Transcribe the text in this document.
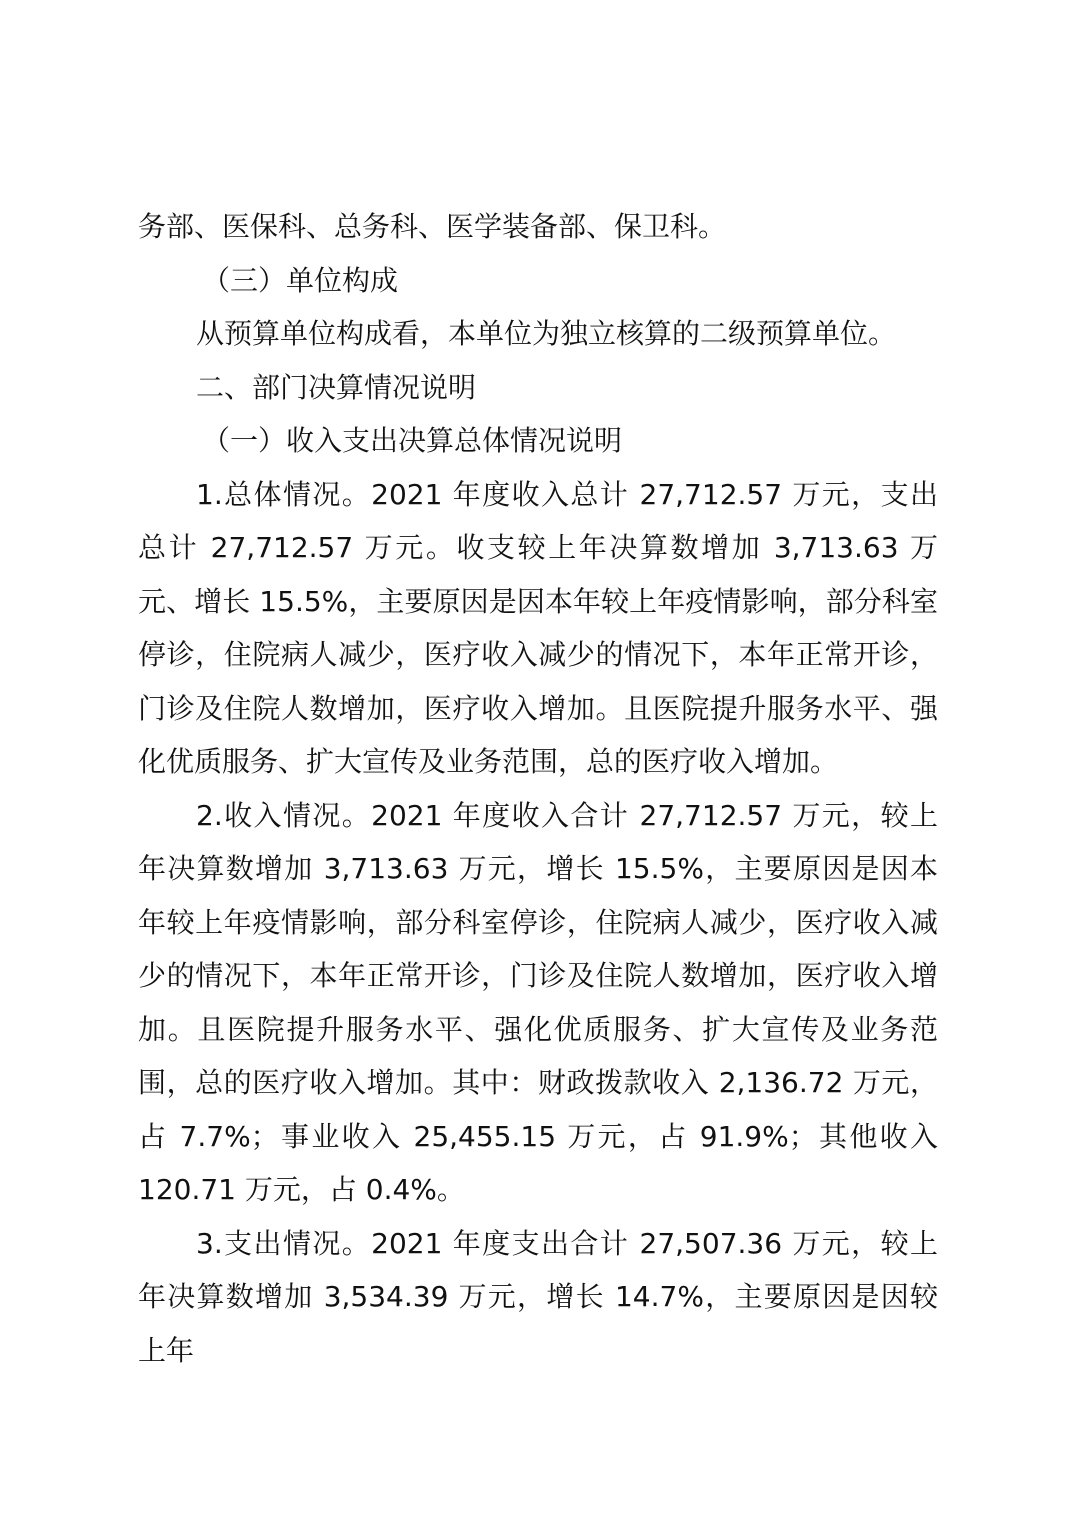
务部、医保科、总务科、医学装备部、保卫科。

（三）单位构成

从预算单位构成看，本单位为独立核算的二级预算单位。

二、部门决算情况说明

（一）收入支出决算总体情况说明

1.总体情况。2021 年度收入总计 27,712.57 万元，支出总计 27,712.57 万元。收支较上年决算数增加 3,713.63 万元、增长 15.5%，主要原因是因本年较上年疫情影响，部分科室停诊，住院病人减少，医疗收入减少的情况下，本年正常开诊，门诊及住院人数增加，医疗收入增加。且医院提升服务水平、强化优质服务、扩大宣传及业务范围，总的医疗收入增加。

2.收入情况。2021 年度收入合计 27,712.57 万元，较上年决算数增加 3,713.63 万元，增长 15.5%，主要原因是因本年较上年疫情影响，部分科室停诊，住院病人减少，医疗收入减少的情况下，本年正常开诊，门诊及住院人数增加，医疗收入增加。且医院提升服务水平、强化优质服务、扩大宣传及业务范围，总的医疗收入增加。其中：财政拨款收入 2,136.72 万元，占 7.7%；事业收入 25,455.15 万元，占 91.9%；其他收入 120.71 万元，占 0.4%。

3.支出情况。2021 年度支出合计 27,507.36 万元，较上年决算数增加 3,534.39 万元，增长 14.7%，主要原因是因较上年
